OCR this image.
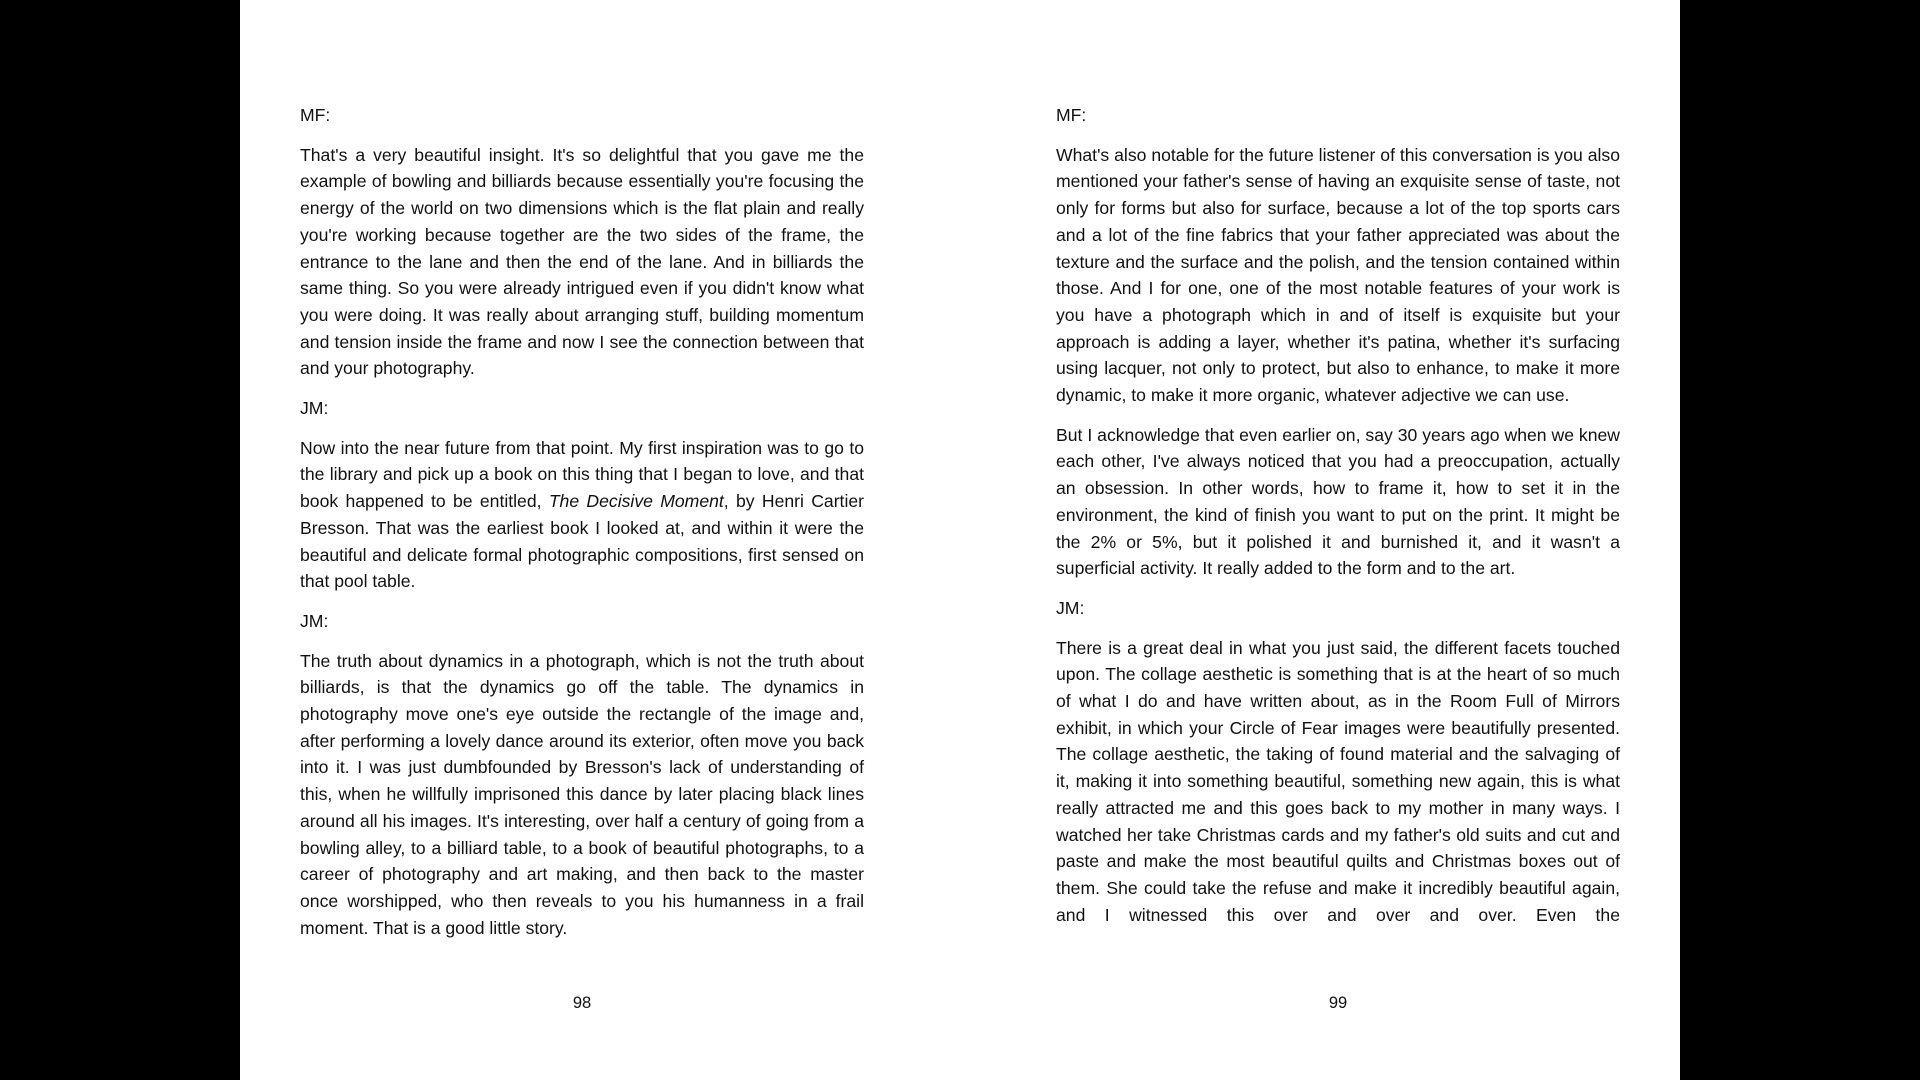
MF:

That's a very beautiful insight. It's so delightful that you gave me the example of bowling and billiards because essentially you're focusing the energy of the world on two dimensions which is the flat plain and really you're working because together are the two sides of the frame, the entrance to the lane and then the end of the lane. And in billiards the same thing. So you were already intrigued even if you didn't know what you were doing. It was really about arranging stuff, building momentum and tension inside the frame and now I see the connection between that and your photography.

JM:

Now into the near future from that point. My first inspiration was to go to the library and pick up a book on this thing that I began to love, and that book happened to be entitled, The Decisive Moment, by Henri Cartier Bresson. That was the earliest book I looked at, and within it were the beautiful and delicate formal photographic compositions, first sensed on that pool table.

JM:

The truth about dynamics in a photograph, which is not the truth about billiards, is that the dynamics go off the table. The dynamics in photography move one's eye outside the rectangle of the image and, after performing a lovely dance around its exterior, often move you back into it. I was just dumbfounded by Bresson's lack of understanding of this, when he willfully imprisoned this dance by later placing black lines around all his images. It's interesting, over half a century of going from a bowling alley, to a billiard table, to a book of beautiful photographs, to a career of photography and art making, and then back to the master once worshipped, who then reveals to you his humanness in a frail moment. That is a good little story.

98

MF:

What's also notable for the future listener of this conversation is you also mentioned your father's sense of having an exquisite sense of taste, not only for forms but also for surface, because a lot of the top sports cars and a lot of the fine fabrics that your father appreciated was about the texture and the surface and the polish, and the tension contained within those. And I for one, one of the most notable features of your work is you have a photograph which in and of itself is exquisite but your approach is adding a layer, whether it's patina, whether it's surfacing using lacquer, not only to protect, but also to enhance, to make it more dynamic, to make it more organic, whatever adjective we can use.

But I acknowledge that even earlier on, say 30 years ago when we knew each other, I've always noticed that you had a preoccupation, actually an obsession. In other words, how to frame it, how to set it in the environment, the kind of finish you want to put on the print. It might be the 2% or 5%, but it polished it and burnished it, and it wasn't a superficial activity. It really added to the form and to the art.

JM:

There is a great deal in what you just said, the different facets touched upon. The collage aesthetic is something that is at the heart of so much of what I do and have written about, as in the Room Full of Mirrors exhibit, in which your Circle of Fear images were beautifully presented. The collage aesthetic, the taking of found material and the salvaging of it, making it into something beautiful, something new again, this is what really attracted me and this goes back to my mother in many ways. I watched her take Christmas cards and my father's old suits and cut and paste and make the most beautiful quilts and Christmas boxes out of them. She could take the refuse and make it incredibly beautiful again, and I witnessed this over and over and over. Even the

99
